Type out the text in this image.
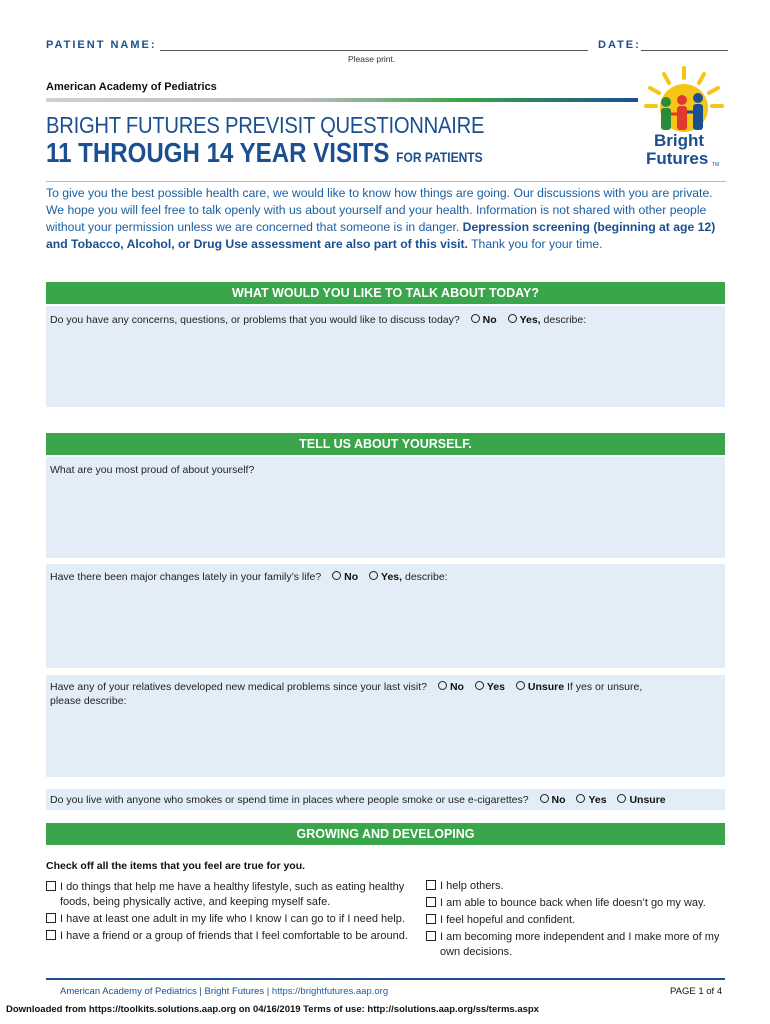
PATIENT NAME:	DATE:
Please print.
American Academy of Pediatrics
Bright
Futures TM
BRIGHT FUTURES PREVISIT QUESTIONNAIRE
11 THROUGH 14 YEAR VISITS FOR PATIENTS
To give you the best possible health care, we would like to know how things are going. Our discussions with you are private. We hope you will feel free to talk openly with us about yourself and your health. Information is not shared with other people without your permission unless we are concerned that someone is in danger. Depression screening (beginning at age 12) and Tobacco, Alcohol, or Drug Use assessment are also part of this visit. Thank you for your time.
WHAT WOULD YOU LIKE TO TALK ABOUT TODAY?
Do you have any concerns, questions, or problems that you would like to discuss today? No Yes, describe:
TELL US ABOUT YOURSELF.
What are you most proud of about yourself?
Have there been major changes lately in your family’s life? No Yes, describe:
Have any of your relatives developed new medical problems since your last visit? No Yes Unsure If yes or unsure,
please describe:
Do you live with anyone who smokes or spend time in places where people smoke or use e-cigarettes? No Yes Unsure
GROWING AND DEVELOPING
Check off all the items that you feel are true for you.
I do things that help me have a healthy lifestyle, such as eating healthy foods, being physically active, and keeping myself safe.
I have at least one adult in my life who I know I can go to if I need help.
I have a friend or a group of friends that I feel comfortable to be around.
I help others.
I am able to bounce back when life doesn’t go my way.
I feel hopeful and confident.
I am becoming more independent and I make more of my own decisions.
American Academy of Pediatrics | Bright Futures | https://brightfutures.aap.org	PAGE 1 of 4
Downloaded from https://toolkits.solutions.aap.org on 04/16/2019 Terms of use: http://solutions.aap.org/ss/terms.aspx
